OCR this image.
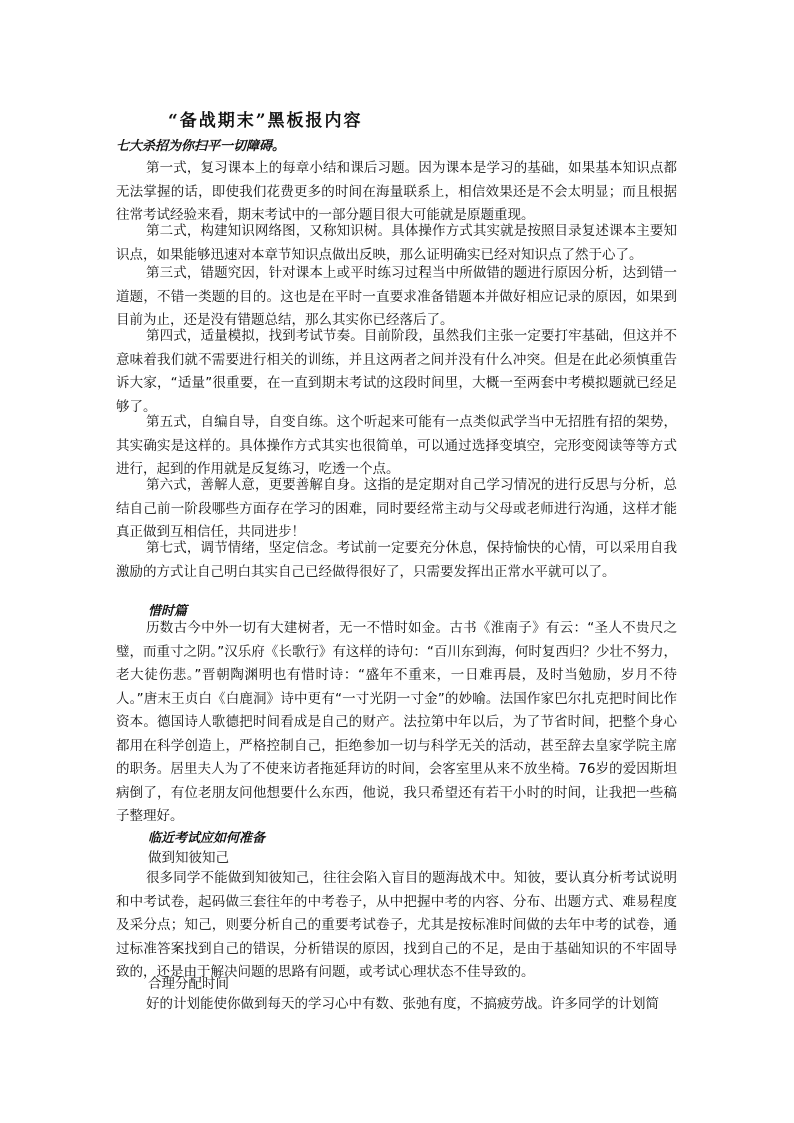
“备战期末”黑板报内容
七大杀招为你扫平一切障碍。

第一式，复习课本上的每章小结和课后习题。因为课本是学习的基础，如果基本知识点都无法掌握的话，即使我们花费更多的时间在海量联系上，相信效果还是不会太明显；而且根据往常考试经验来看，期末考试中的一部分题目很大可能就是原题重现。

第二式，构建知识网络图，又称知识树。具体操作方式其实就是按照目录复述课本主要知识点，如果能够迅速对本章节知识点做出反映，那么证明确实已经对知识点了然于心了。

第三式，错题究因，针对课本上或平时练习过程当中所做错的题进行原因分析，达到错一道题，不错一类题的目的。这也是在平时一直要求准备错题本并做好相应记录的原因，如果到目前为止，还是没有错题总结，那么其实你已经落后了。

第四式，适量模拟，找到考试节奏。目前阶段，虽然我们主张一定要打牢基础，但这并不意味着我们就不需要进行相关的训练，并且这两者之间并没有什么冲突。但是在此必须慎重告诉大家，“适量”很重要，在一直到期末考试的这段时间里，大概一至两套中考模拟题就已经足够了。

第五式，自编自导，自变自练。这个听起来可能有一点类似武学当中无招胜有招的架势，其实确实是这样的。具体操作方式其实也很简单，可以通过选择变填空，完形变阅读等等方式进行，起到的作用就是反复练习，吃透一个点。

第六式，善解人意，更要善解自身。这指的是定期对自己学习情况的进行反思与分析，总结自己前一阶段哪些方面存在学习的困难，同时要经常主动与父母或老师进行沟通，这样才能真正做到互相信任，共同进步！

第七式，调节情绪，坚定信念。考试前一定要充分休息，保持愉快的心情，可以采用自我激励的方式让自己明白其实自己已经做得很好了，只需要发挥出正常水平就可以了。

惜时篇

历数古今中外一切有大建树者，无一不惜时如金。古书《淮南子》有云：“圣人不贵尺之璧，而重寸之阴。”汉乐府《长歌行》有这样的诗句：“百川东到海，何时复西归？少壮不努力，老大徒伤悲。”晋朝陶渊明也有惜时诗：“盛年不重来，一日难再晨，及时当勉励，岁月不待人。”唐末王贞白《白鹿洞》诗中更有“一寸光阴一寸金”的妙喻。法国作家巴尔扎克把时间比作资本。德国诗人歌德把时间看成是自己的财产。法拉第中年以后，为了节省时间，把整个身心都用在科学创造上，严格控制自己，拒绝参加一切与科学无关的活动，甚至辞去皇家学院主席的职务。居里夫人为了不使来访者拖延拜访的时间，会客室里从来不放坐椅。76岁的爱因斯坦病倒了，有位老朋友问他想要什么东西，他说，我只希望还有若干小时的时间，让我把一些稿子整理好。

临近考试应如何准备
做到知彼知己

很多同学不能做到知彼知己，往往会陷入盲目的题海战术中。知彼，要认真分析考试说明和中考试卷，起码做三套往年的中考卷子，从中把握中考的内容、分布、出题方式、难易程度及采分点；知己，则要分析自己的重要考试卷子，尤其是按标准时间做的去年中考的试卷，通过标准答案找到自己的错误，分析错误的原因，找到自己的不足，是由于基础知识的不牢固导致的，还是由于解决问题的思路有问题，或考试心理状态不佳导致的。

合理分配时间

好的计划能使你做到每天的学习心中有数、张弛有度，不搞疲劳战。许多同学的计划简
